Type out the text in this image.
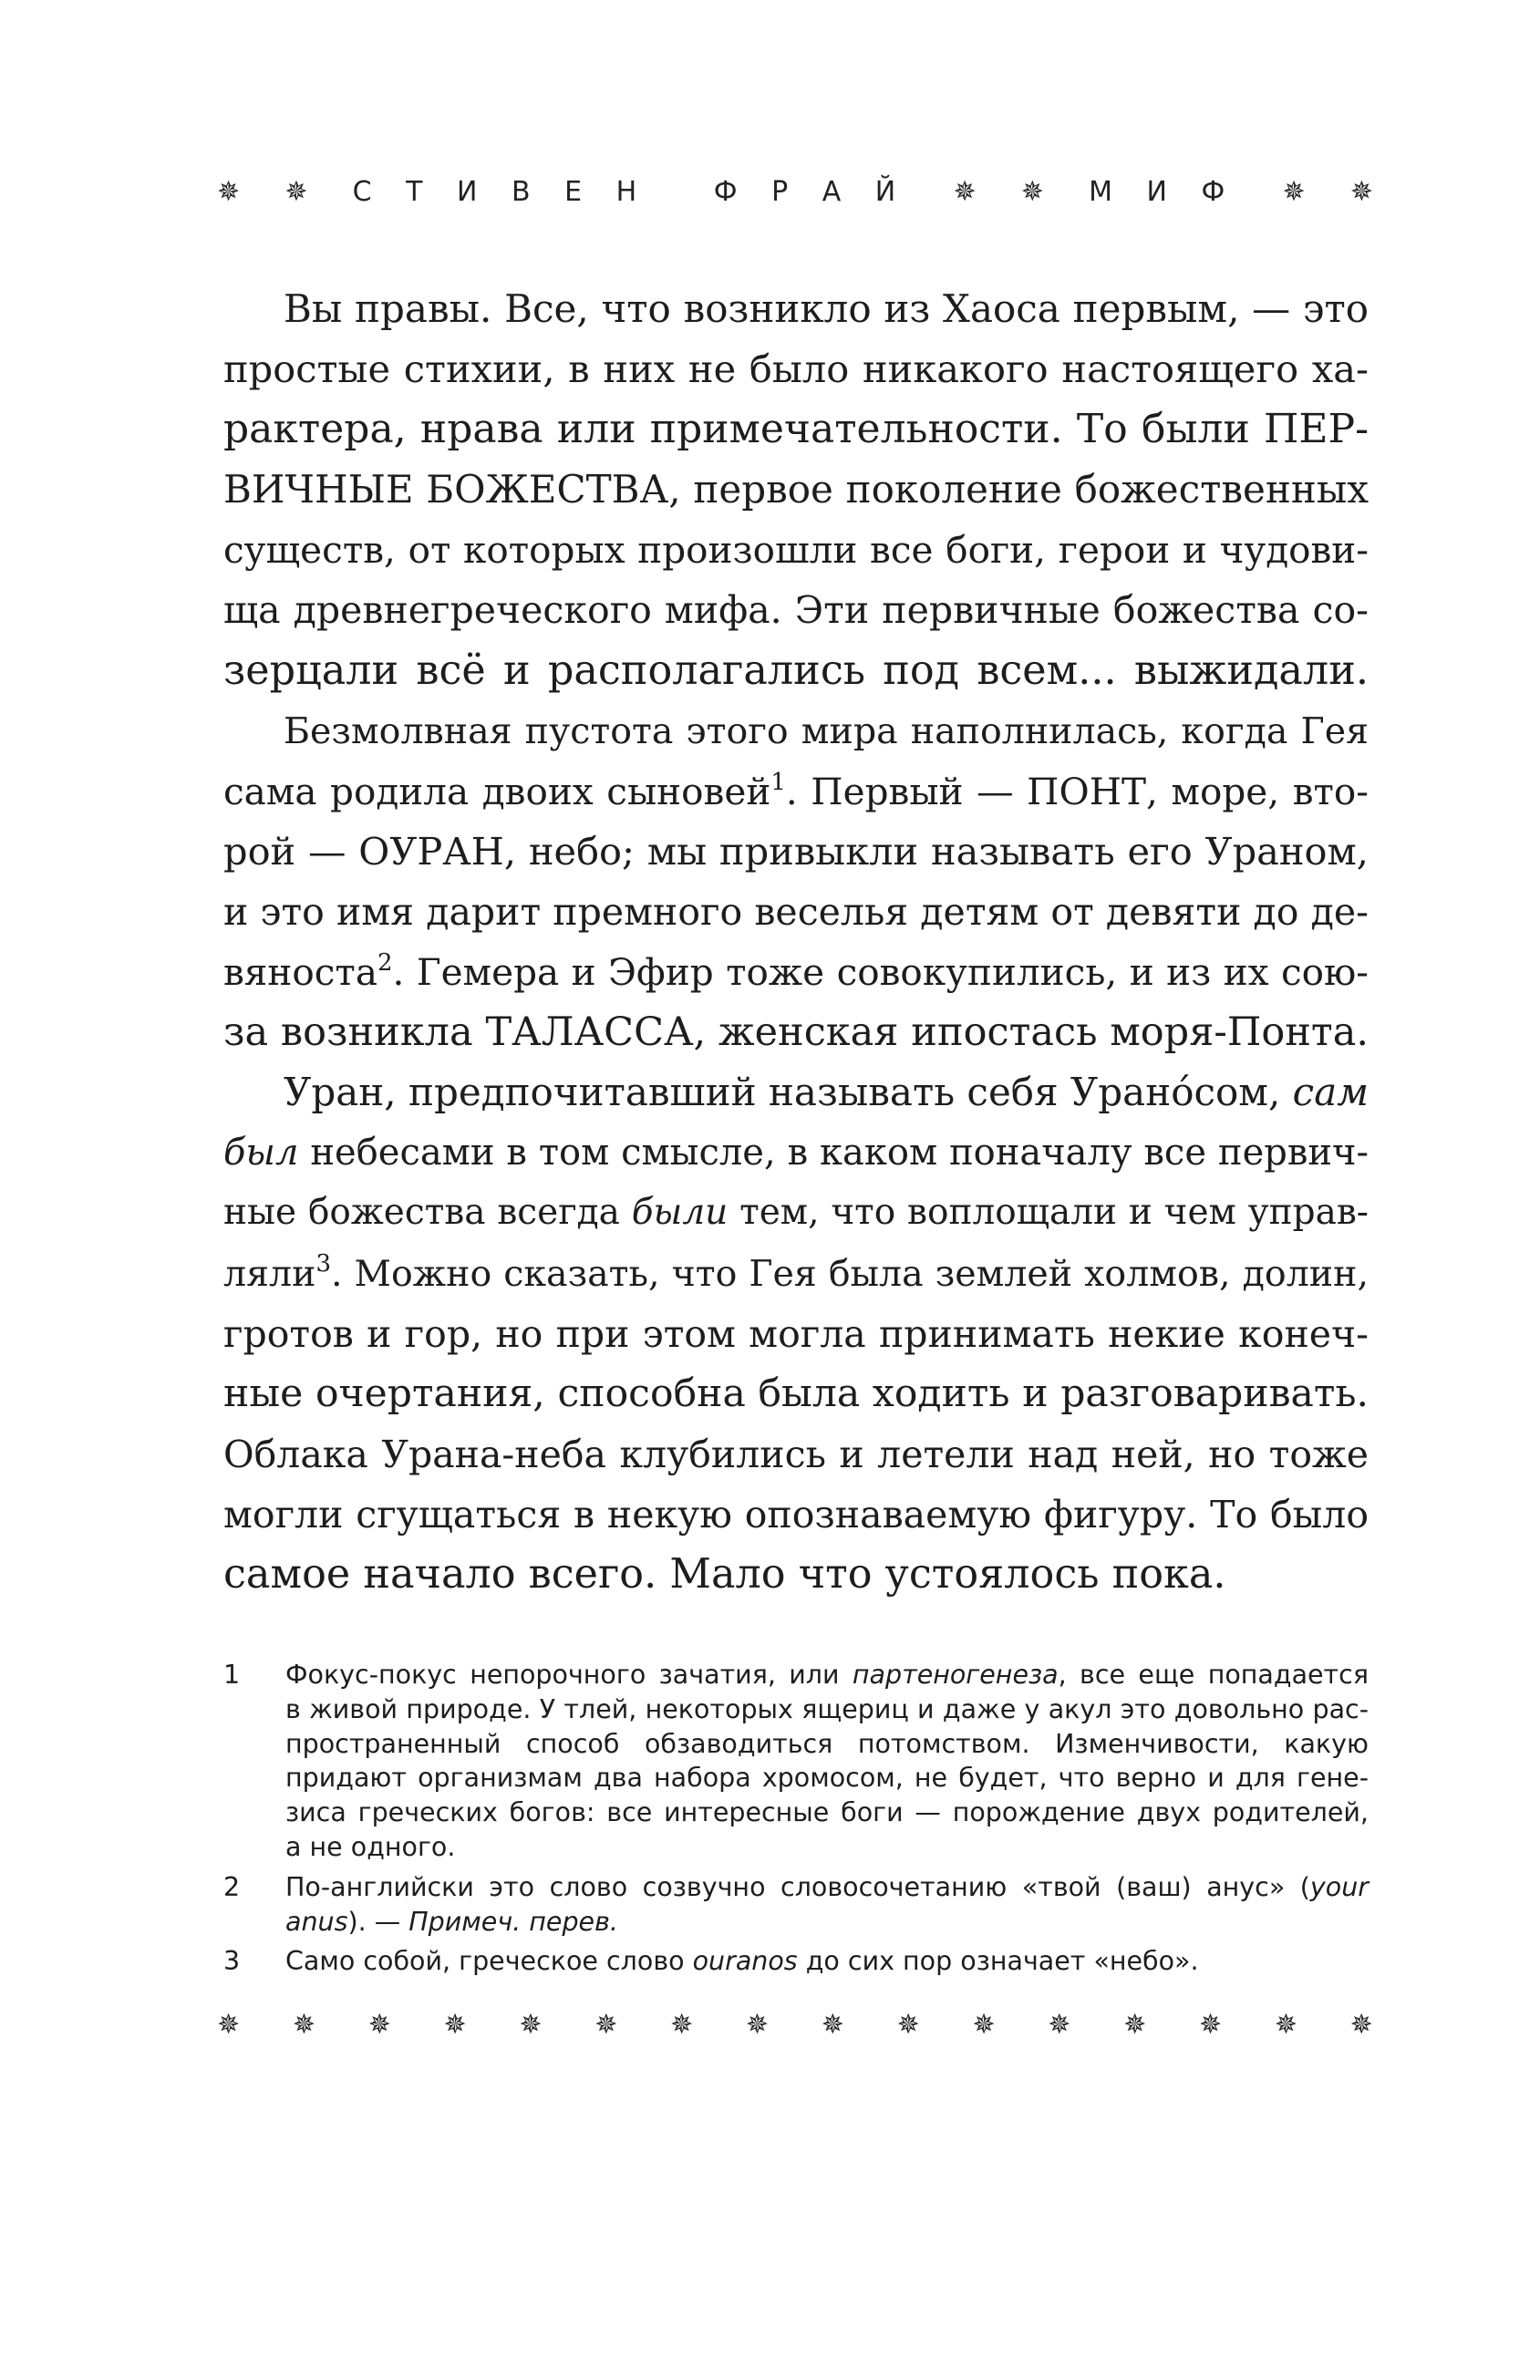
✵ ✵ С Т И В Е Н   Ф Р А Й ✵ ✵ М И Ф ✵ ✵
Вы правы. Все, что возникло из Хаоса первым, — это
простые стихии, в них не было никакого настоящего ха-
рактера, нрава или примечательности. То были ПЕР-
ВИЧНЫЕ БОЖЕСТВА, первое поколение божественных
существ, от которых произошли все боги, герои и чудови-
ща древнегреческого мифа. Эти первичные божества со-
зерцали всё и располагались под всем... выжидали.
Безмолвная пустота этого мира наполнилась, когда Гея
сама родила двоих сыновей$^1$. Первый — ПОНТ, море, вто-
рой — ОУРАН, небо; мы привыкли называть его Ураном,
и это имя дарит премного веселья детям от девяти до де-
вяноста$^2$. Гемера и Эфир тоже совокупились, и из их сою-
за возникла ТАЛАССА, женская ипостась моря-Понта.
Уран, предпочитавший называть себя Урано́сом, сам
был небесами в том смысле, в каком поначалу все первич-
ные божества всегда были тем, что воплощали и чем управ-
ляли$^3$. Можно сказать, что Гея была землей холмов, долин,
гротов и гор, но при этом могла принимать некие конеч-
ные очертания, способна была ходить и разговаривать.
Облака Урана-неба клубились и летели над ней, но тоже
могли сгущаться в некую опознаваемую фигуру. То было
самое начало всего. Мало что устоялось пока.
1 Фокус-покус непорочного зачатия, или партеногенеза, все еще попадается
в живой природе. У тлей, некоторых ящериц и даже у акул это довольно рас-
пространенный способ обзаводиться потомством. Изменчивости, какую
придают организмам два набора хромосом, не будет, что верно и для гене-
зиса греческих богов: все интересные боги — порождение двух родителей,
а не одного.
2 По-английски это слово созвучно словосочетанию «твой (ваш) анус» (your
anus). — Примеч. перев.
3 Само собой, греческое слово ouranos до сих пор означает «небо».
✵ ✵ ✵ ✵ ✵ ✵ ✵ ✵ ✵ ✵ ✵ ✵ ✵ ✵ ✵ ✵
